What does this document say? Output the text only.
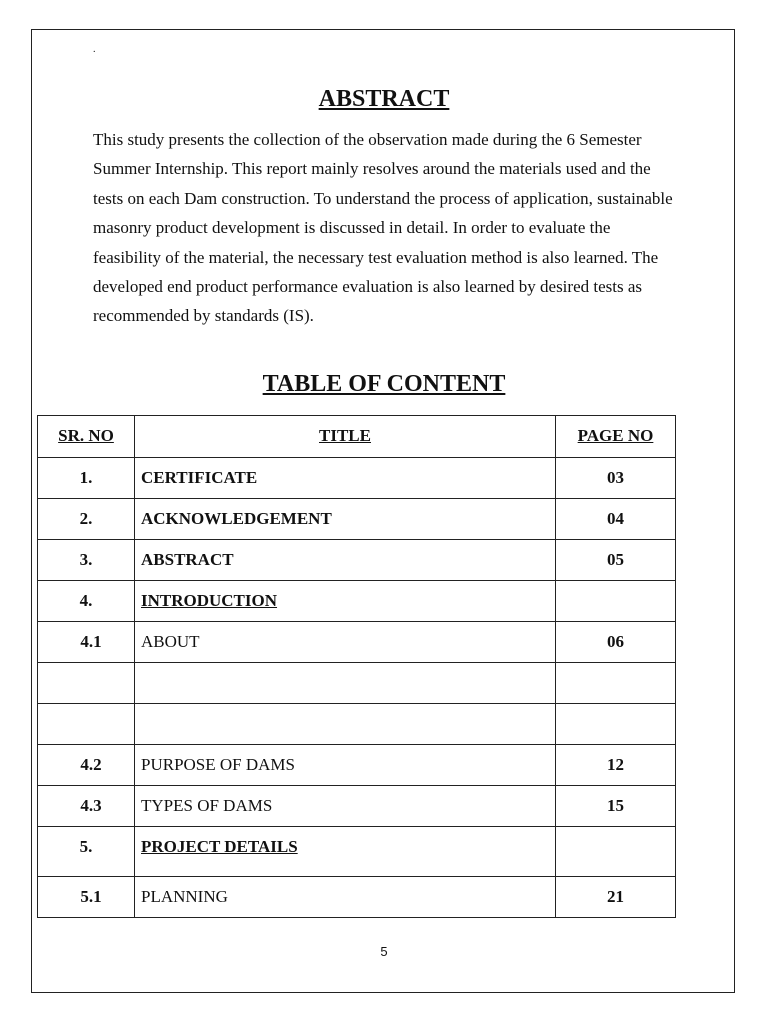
.
ABSTRACT

This study presents the collection of the observation made during the 6 Semester Summer Internship. This report mainly resolves around the materials used and the tests on each Dam construction. To understand the process of application, sustainable masonry product development is discussed in detail. In order to evaluate the feasibility of the material, the necessary test evaluation method is also learned. The developed end product performance evaluation is also learned by desired tests as recommended by standards (IS).

TABLE OF CONTENT
SR. NO	TITLE	PAGE NO
1.	CERTIFICATE	03
2.	ACKNOWLEDGEMENT	04
3.	ABSTRACT	05
4.	INTRODUCTION	
4.1	ABOUT	06

4.2	PURPOSE OF DAMS	12
4.3	TYPES OF DAMS	15
5.	PROJECT DETAILS	
5.1	PLANNING	21
5
